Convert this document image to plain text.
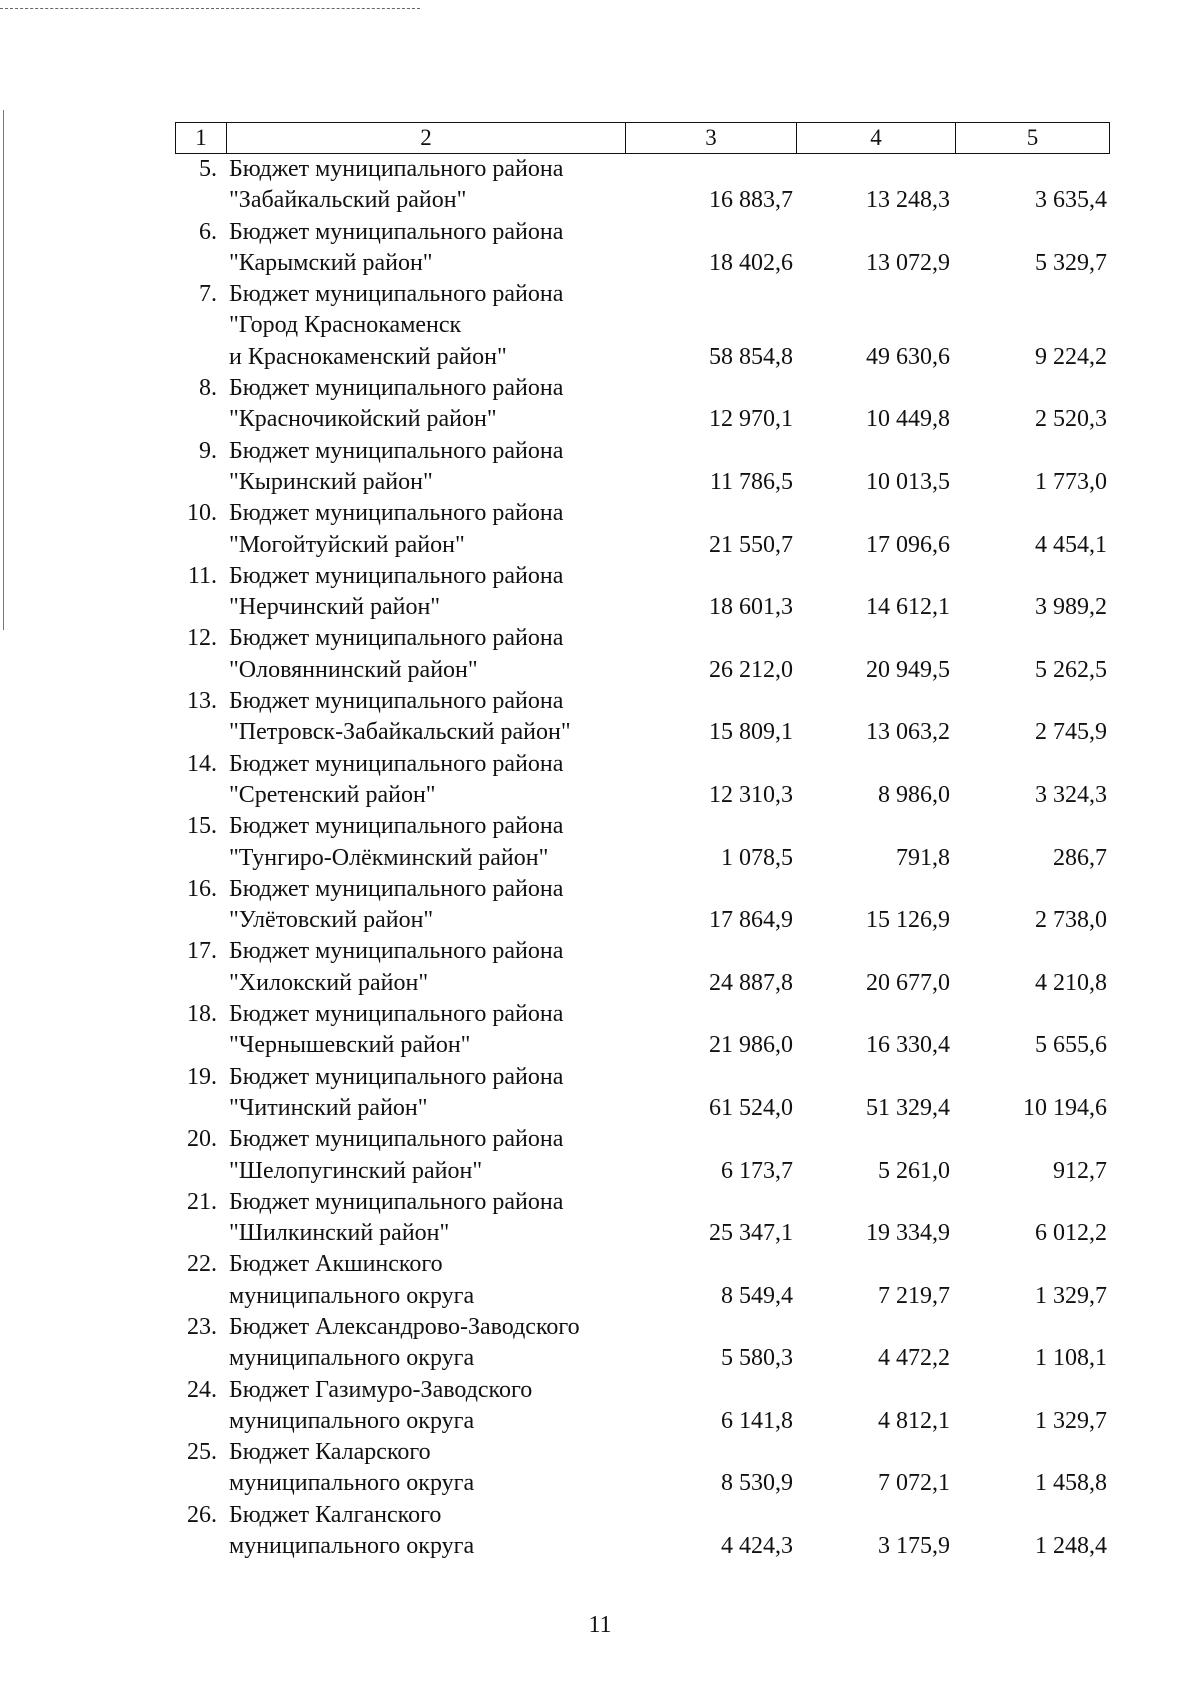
1	2	3	4	5
5. Бюджет муниципального района
"Забайкальский район"	16 883,7	13 248,3	3 635,4
6. Бюджет муниципального района
"Карымский район"	18 402,6	13 072,9	5 329,7
7. Бюджет муниципального района
"Город Краснокаменск
и Краснокаменский район"	58 854,8	49 630,6	9 224,2
8. Бюджет муниципального района
"Красночикойский район"	12 970,1	10 449,8	2 520,3
9. Бюджет муниципального района
"Кыринский район"	11 786,5	10 013,5	1 773,0
10. Бюджет муниципального района
"Могойтуйский район"	21 550,7	17 096,6	4 454,1
11. Бюджет муниципального района
"Нерчинский район"	18 601,3	14 612,1	3 989,2
12. Бюджет муниципального района
"Оловяннинский район"	26 212,0	20 949,5	5 262,5
13. Бюджет муниципального района
"Петровск-Забайкальский район"	15 809,1	13 063,2	2 745,9
14. Бюджет муниципального района
"Сретенский район"	12 310,3	8 986,0	3 324,3
15. Бюджет муниципального района
"Тунгиро-Олёкминский район"	1 078,5	791,8	286,7
16. Бюджет муниципального района
"Улётовский район"	17 864,9	15 126,9	2 738,0
17. Бюджет муниципального района
"Хилокский район"	24 887,8	20 677,0	4 210,8
18. Бюджет муниципального района
"Чернышевский район"	21 986,0	16 330,4	5 655,6
19. Бюджет муниципального района
"Читинский район"	61 524,0	51 329,4	10 194,6
20. Бюджет муниципального района
"Шелопугинский район"	6 173,7	5 261,0	912,7
21. Бюджет муниципального района
"Шилкинский район"	25 347,1	19 334,9	6 012,2
22. Бюджет Акшинского
муниципального округа	8 549,4	7 219,7	1 329,7
23. Бюджет Александрово-Заводского
муниципального округа	5 580,3	4 472,2	1 108,1
24. Бюджет Газимуро-Заводского
муниципального округа	6 141,8	4 812,1	1 329,7
25. Бюджет Каларского
муниципального округа	8 530,9	7 072,1	1 458,8
26. Бюджет Калганского
муниципального округа	4 424,3	3 175,9	1 248,4
11
